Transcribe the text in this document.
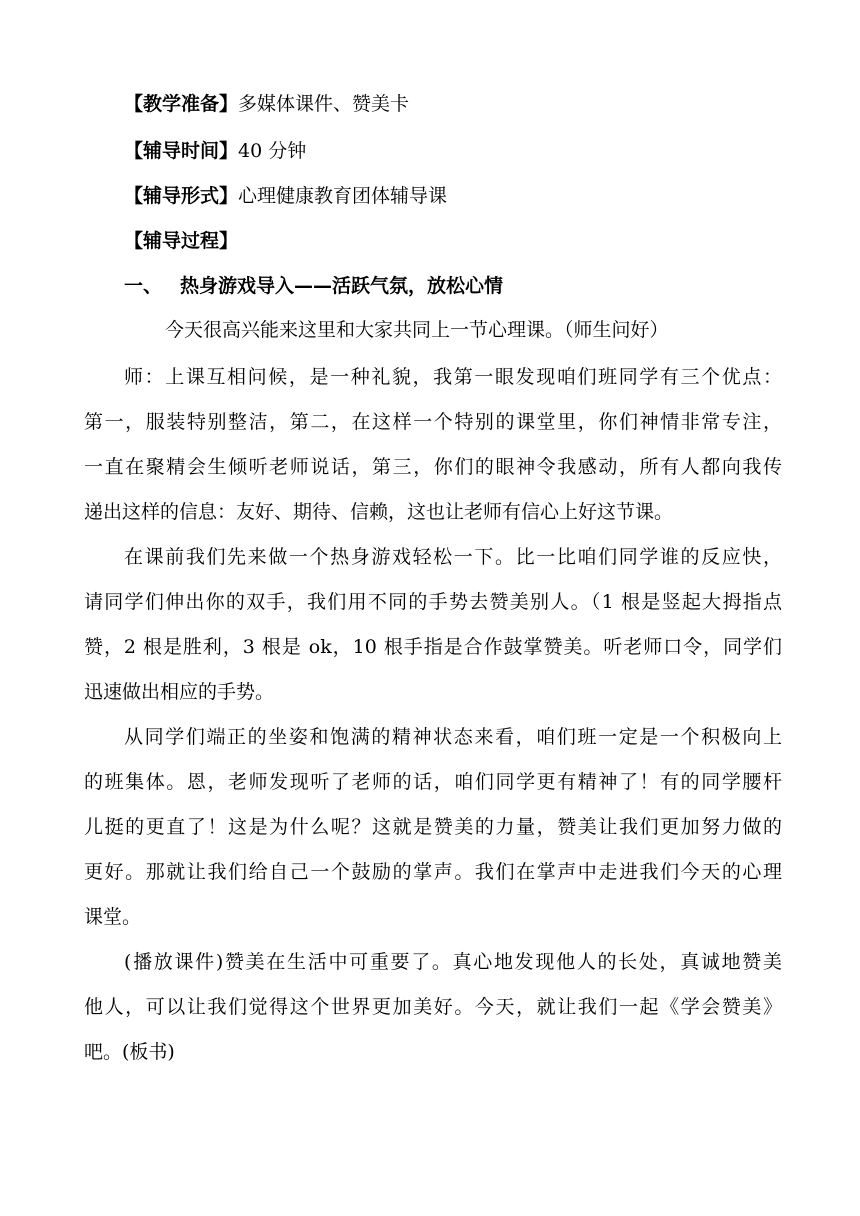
【教学准备】多媒体课件、赞美卡
【辅导时间】40 分钟
【辅导形式】心理健康教育团体辅导课
【辅导过程】
一、 热身游戏导入——活跃气氛，放松心情
今天很高兴能来这里和大家共同上一节心理课。（师生问好）
师：上课互相问候，是一种礼貌，我第一眼发现咱们班同学有三个优点：
第一，服装特别整洁，第二，在这样一个特别的课堂里，你们神情非常专注，
一直在聚精会生倾听老师说话，第三，你们的眼神令我感动，所有人都向我传
递出这样的信息：友好、期待、信赖，这也让老师有信心上好这节课。
在课前我们先来做一个热身游戏轻松一下。比一比咱们同学谁的反应快，
请同学们伸出你的双手，我们用不同的手势去赞美别人。（1 根是竖起大拇指点
赞，2 根是胜利，3 根是 ok，10 根手指是合作鼓掌赞美。听老师口令，同学们
迅速做出相应的手势。
从同学们端正的坐姿和饱满的精神状态来看，咱们班一定是一个积极向上
的班集体。恩，老师发现听了老师的话，咱们同学更有精神了！有的同学腰杆
儿挺的更直了！这是为什么呢？这就是赞美的力量，赞美让我们更加努力做的
更好。那就让我们给自己一个鼓励的掌声。我们在掌声中走进我们今天的心理
课堂。
(播放课件)赞美在生活中可重要了。真心地发现他人的长处，真诚地赞美
他人，可以让我们觉得这个世界更加美好。今天，就让我们一起《学会赞美》
吧。(板书)
